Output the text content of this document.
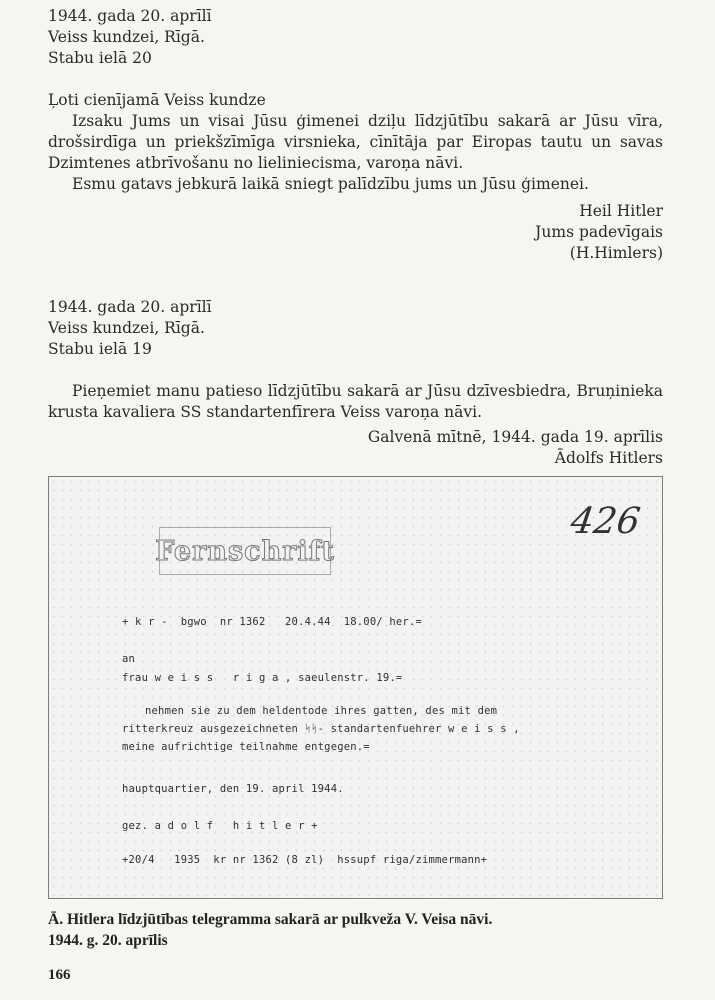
1944. gada 20. aprīlī
Veiss kundzei, Rīgā.
Stabu ielā 20
Ļoti cienījamā Veiss kundze
Izsaku Jums un visai Jūsu ģimenei dziļu līdzjūtību sakarā ar Jūsu vīra, drošsirdīga un priekšzīmīga virsnieka, cīnītāja par Eiropas tautu un savas Dzimtenes atbrīvošanu no lieliniecisma, varoņa nāvi.
Esmu gatavs jebkurā laikā sniegt palīdzību jums un Jūsu ģimenei.
Heil Hitler
Jums padevīgais
(H.Himlers)
1944. gada 20. aprīlī
Veiss kundzei, Rīgā.
Stabu ielā 19
Pieņemiet manu patieso līdzjūtību sakarā ar Jūsu dzīvesbiedra, Bruņinieka krusta kavaliera SS standartenfīrera Veiss varoņa nāvi.
Galvenā mītnē, 1944. gada 19. aprīlis
Ādolfs Hitlers
Fernschrift
426
+ k r -  bgwo  nr 1362   20.4.44  18.00/ her.=
an
frau w e i s s   r i g a , saeulenstr. 19.=
nehmen sie zu dem heldentode ihres gatten, des mit dem
ritterkreuz ausgezeichneten ᛋᛋ- standartenfuehrer w e i s s ,
meine aufrichtige teilnahme entgegen.=
hauptquartier, den 19. april 1944.
gez. a d o l f   h i t l e r +
+20/4   1935  kr nr 1362 (8 zl)  hssupf riga/zimmermann+
Ā. Hitlera līdzjūtības telegramma sakarā ar pulkveža V. Veisa nāvi.
1944. g. 20. aprīlis
166
